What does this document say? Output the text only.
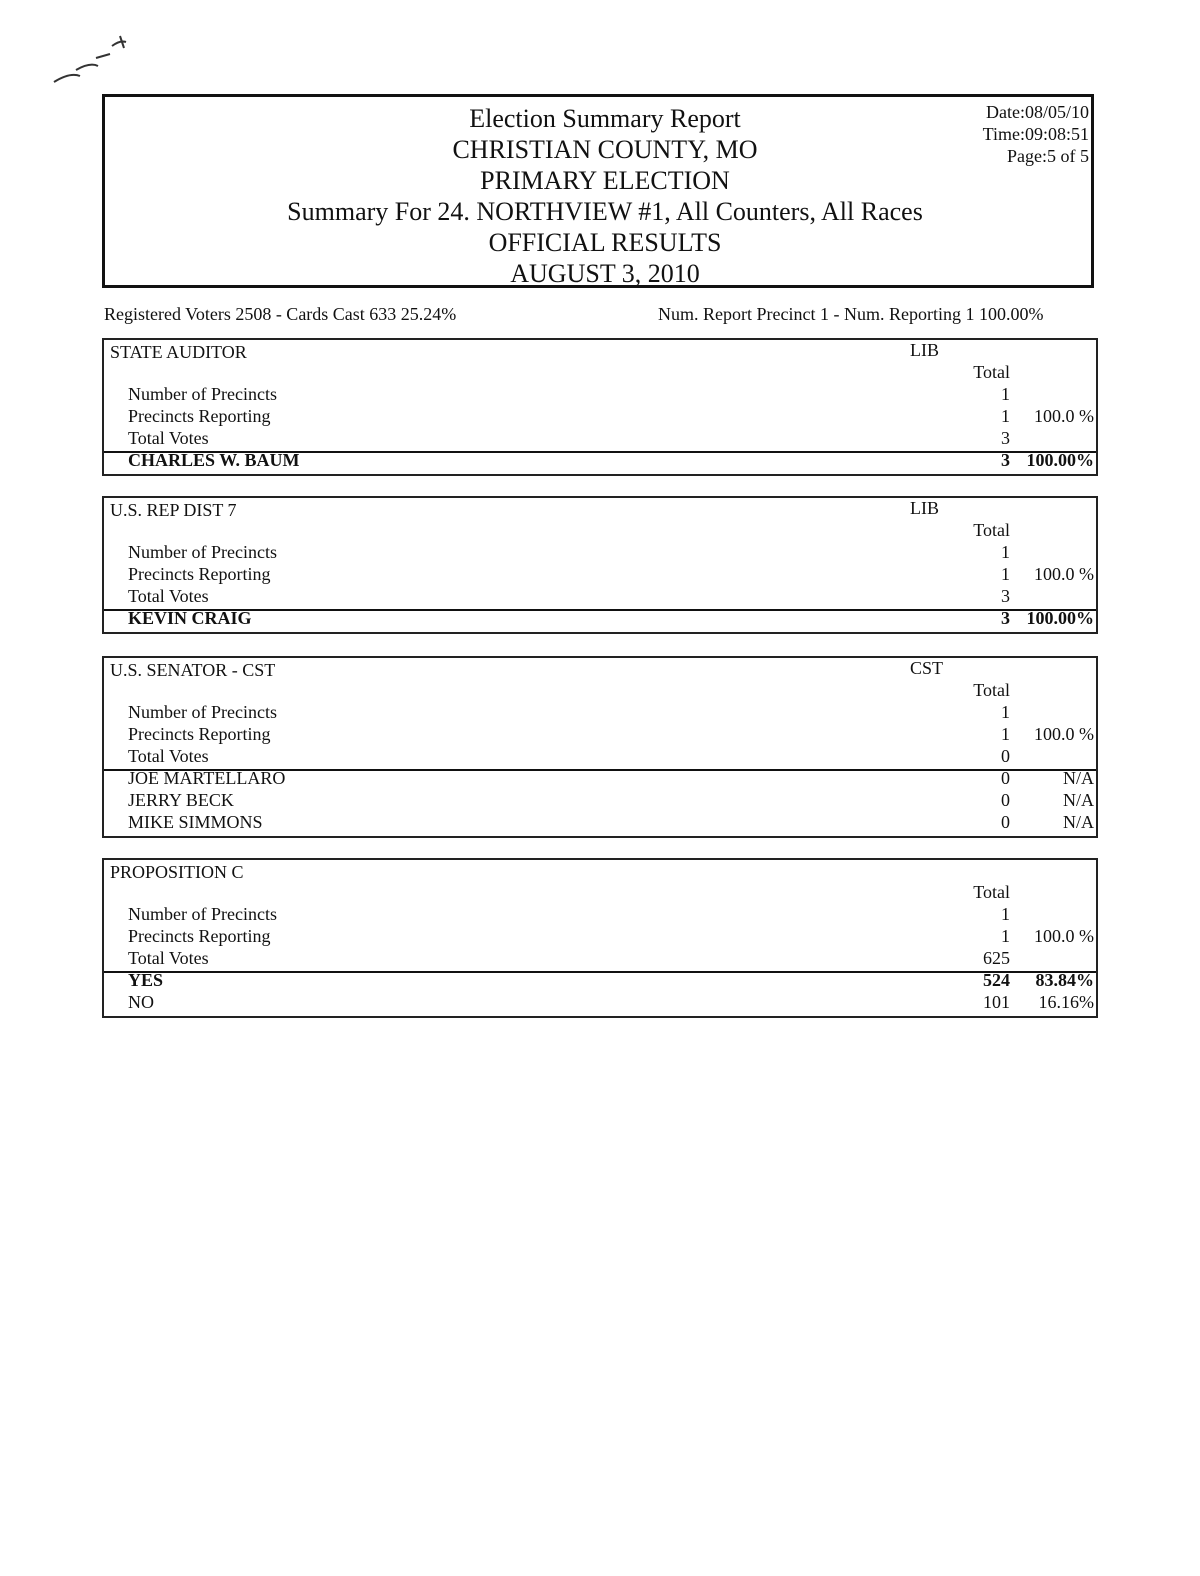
Election Summary Report
CHRISTIAN COUNTY, MO
PRIMARY ELECTION
Summary For 24. NORTHVIEW #1, All Counters, All Races
OFFICIAL RESULTS
AUGUST 3, 2010
Date:08/05/10
Time:09:08:51
Page:5 of 5
Registered Voters 2508 - Cards Cast 633 25.24%	Num. Report Precinct 1 - Num. Reporting 1 100.00%
STATE AUDITOR	LIB
Total
Number of Precincts	1
Precincts Reporting	1	100.0 %
Total Votes	3
CHARLES W. BAUM	3 100.00%
U.S. REP DIST 7	LIB
Total
Number of Precincts	1
Precincts Reporting	1	100.0 %
Total Votes	3
KEVIN CRAIG	3 100.00%
U.S. SENATOR - CST	CST
Total
Number of Precincts	1
Precincts Reporting	1	100.0 %
Total Votes	0
JOE MARTELLARO	0	N/A
JERRY BECK	0	N/A
MIKE SIMMONS	0	N/A
PROPOSITION C
Total
Number of Precincts	1
Precincts Reporting	1	100.0 %
Total Votes	625
YES	524	83.84%
NO	101	16.16%
